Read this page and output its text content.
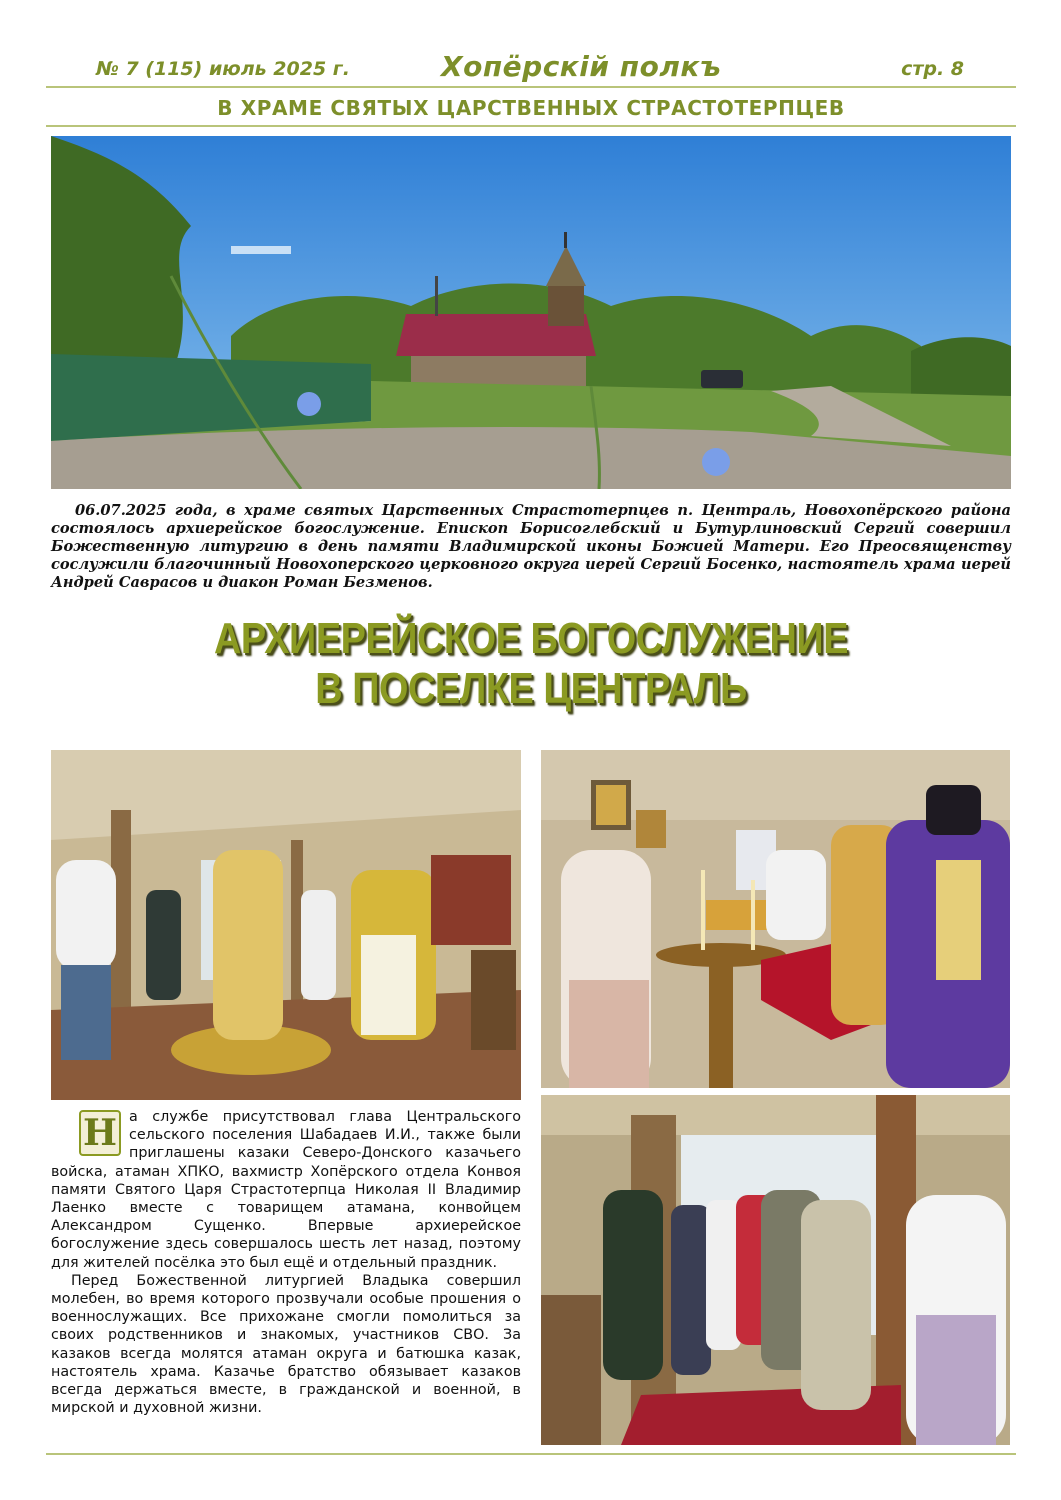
№ 7 (115) июль 2025 г.	Хопёрскiй полкъ	стр. 8
В ХРАМЕ СВЯТЫХ ЦАРСТВЕННЫХ СТРАСТОТЕРПЦЕВ
06.07.2025 года, в храме святых Царственных Страстотерпцев п. Централь, Новохопёрского района состоялось архиерейское богослужение. Епископ Борисоглебский и Бутурлиновский Сергий совершил Божественную литургию в день памяти Владимирской иконы Божией Матери. Его Преосвященству сослужили благочинный Новохоперского церковного округа иерей Сергий Босенко, настоятель храма иерей Андрей Савраcов и диакон Роман Безменов.
АРХИЕРЕЙСКОЕ БОГОСЛУЖЕНИЕ
В ПОСЕЛКЕ ЦЕНТРАЛЬ

Н а службе присутствовал глава Центральского сельского поселения Шабадаев И.И., также были приглашены казаки Северо-Донского казачьего войска, атаман ХПКО, вахмистр Хопёрского отдела Конвоя памяти Святого Царя Страстотерпца Николая II Владимир Лаенко вместе с товарищем атамана, конвойцем Александром Сущенко. Впервые архиерейское богослужение здесь совершалось шесть лет назад, поэтому для жителей посёлка это был ещё и отдельный праздник.

Перед Божественной литургией Владыка совершил молебен, во время которого прозвучали особые прошения о военнослужащих. Все прихожане смогли помолиться за своих родственников и знакомых, участников СВО. За казаков всегда молятся атаман округа и батюшка казак, настоятель храма. Казачье братство обязывает казаков всегда держаться вместе, в гражданской и военной, в мирской и духовной жизни.
